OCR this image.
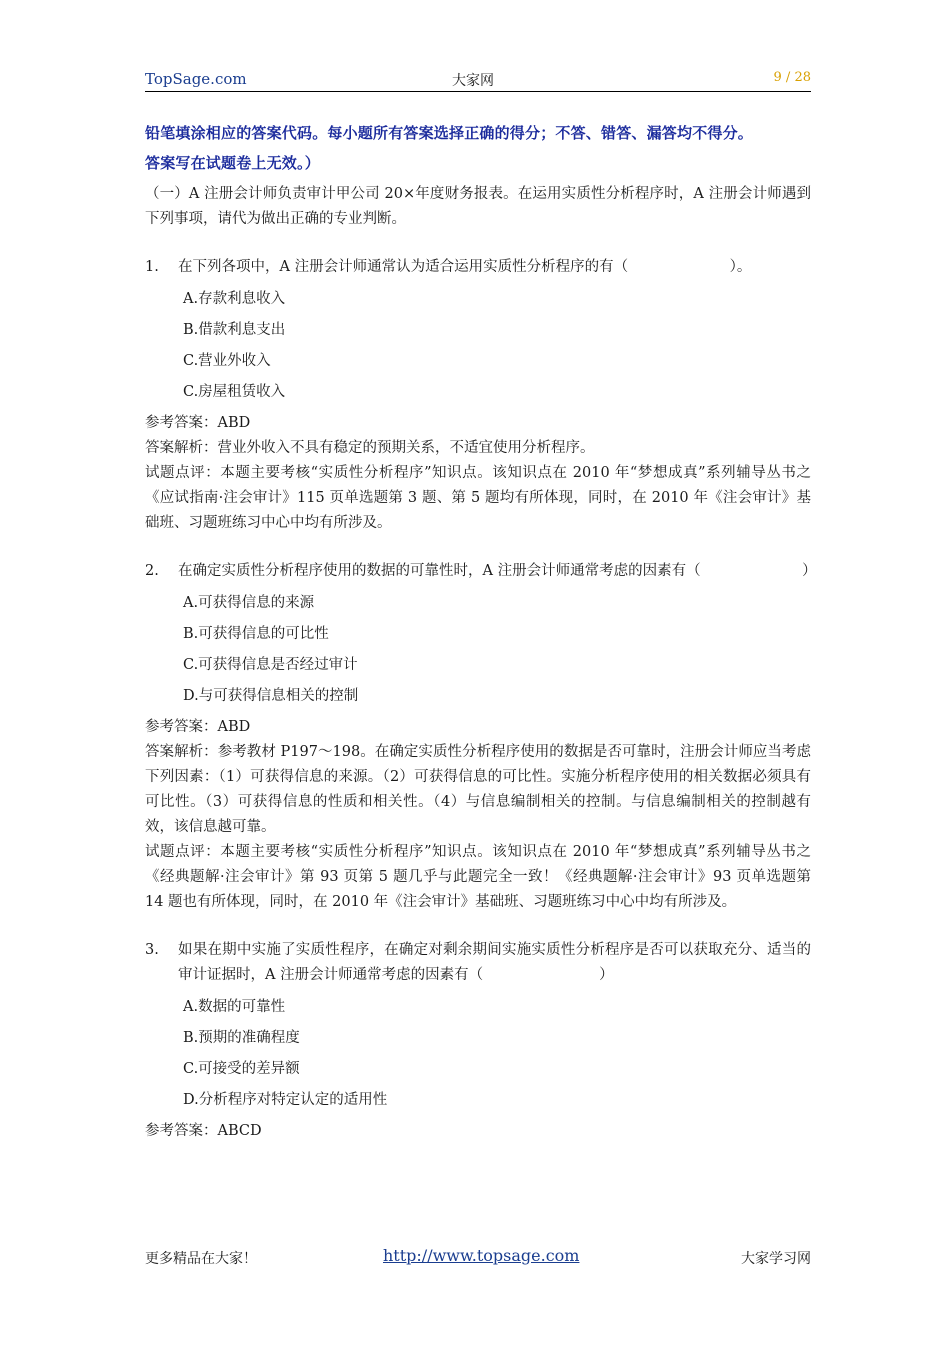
TopSage.com	大家网	9 / 28
铅笔填涂相应的答案代码。每小题所有答案选择正确的得分；不答、错答、漏答均不得分。
答案写在试题卷上无效。）
（一）A 注册会计师负责审计甲公司 20×年度财务报表。在运用实质性分析程序时，A 注册会计师遇到下列事项，请代为做出正确的专业判断。
1. 在下列各项中，A 注册会计师通常认为适合运用实质性分析程序的有（　　　　　　　）。
A.存款利息收入
B.借款利息支出
C.营业外收入
C.房屋租赁收入
参考答案：ABD
答案解析：营业外收入不具有稳定的预期关系，不适宜使用分析程序。
试题点评：本题主要考核“实质性分析程序”知识点。该知识点在 2010 年“梦想成真”系列辅导丛书之《应试指南·注会审计》115 页单选题第 3 题、第 5 题均有所体现，同时，在 2010 年《注会审计》基础班、习题班练习中心中均有所涉及。
2. 在确定实质性分析程序使用的数据的可靠性时，A 注册会计师通常考虑的因素有（　　　　　　　）
A.可获得信息的来源
B.可获得信息的可比性
C.可获得信息是否经过审计
D.与可获得信息相关的控制
参考答案：ABD
答案解析：参考教材 P197～198。在确定实质性分析程序使用的数据是否可靠时，注册会计师应当考虑下列因素：（1）可获得信息的来源。（2）可获得信息的可比性。实施分析程序使用的相关数据必须具有可比性。（3）可获得信息的性质和相关性。（4）与信息编制相关的控制。与信息编制相关的控制越有效，该信息越可靠。
试题点评：本题主要考核“实质性分析程序”知识点。该知识点在 2010 年“梦想成真”系列辅导丛书之《经典题解·注会审计》第 93 页第 5 题几乎与此题完全一致！《经典题解·注会审计》93 页单选题第 14 题也有所体现，同时，在 2010 年《注会审计》基础班、习题班练习中心中均有所涉及。
3. 如果在期中实施了实质性程序，在确定对剩余期间实施实质性分析程序是否可以获取充分、适当的审计证据时，A 注册会计师通常考虑的因素有（　　　　　　　　）
A.数据的可靠性
B.预期的准确程度
C.可接受的差异额
D.分析程序对特定认定的适用性
参考答案：ABCD
更多精品在大家！	http://www.topsage.com	大家学习网
